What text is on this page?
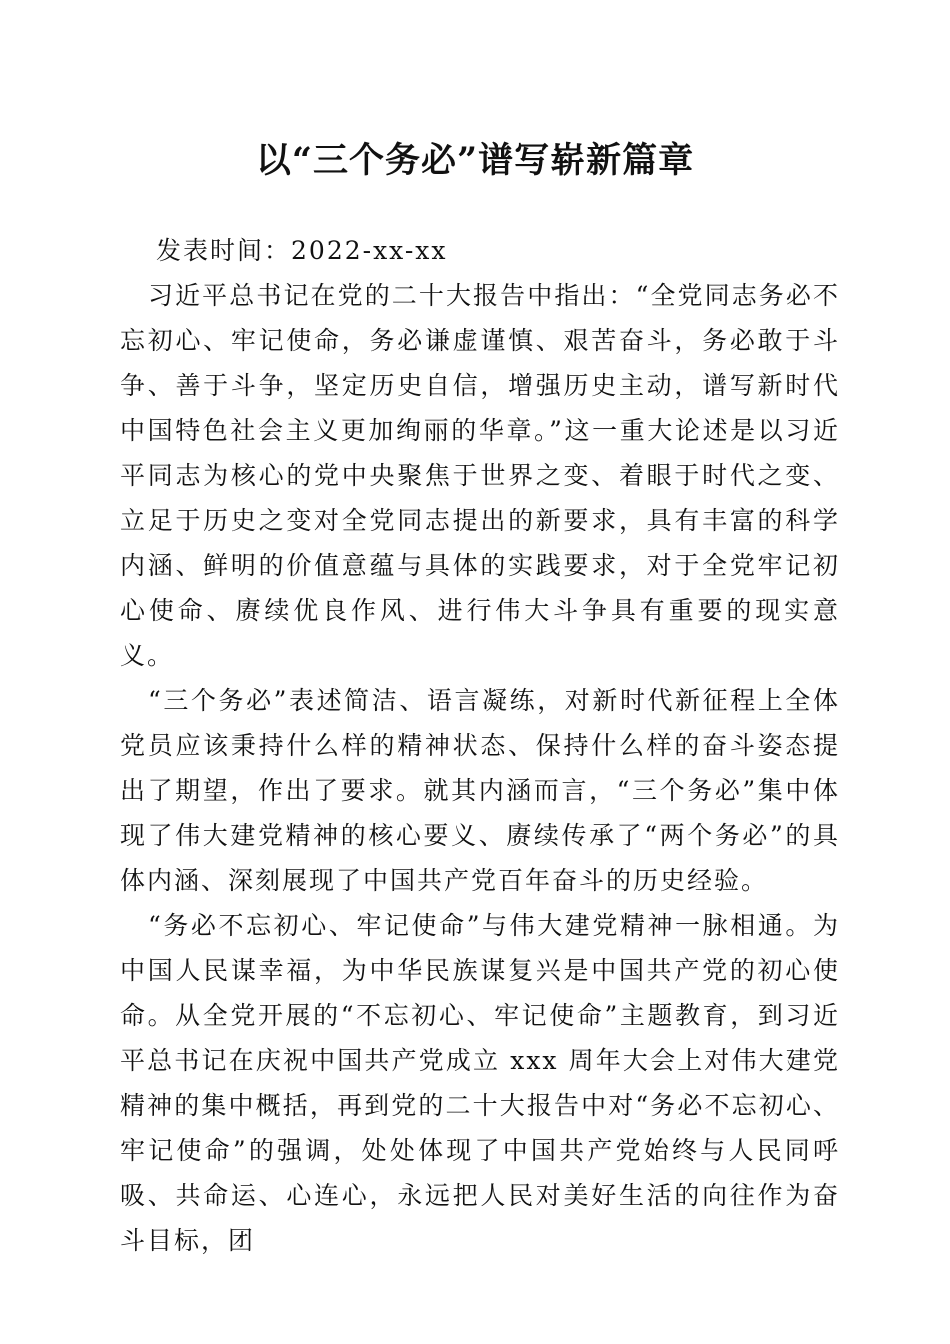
以“三个务必”谱写崭新篇章

发表时间：2022-xx-xx

习近平总书记在党的二十大报告中指出：“全党同志务必不忘初心、牢记使命，务必谦虚谨慎、艰苦奋斗，务必敢于斗争、善于斗争，坚定历史自信，增强历史主动，谱写新时代中国特色社会主义更加绚丽的华章。”这一重大论述是以习近平同志为核心的党中央聚焦于世界之变、着眼于时代之变、立足于历史之变对全党同志提出的新要求，具有丰富的科学内涵、鲜明的价值意蕴与具体的实践要求，对于全党牢记初心使命、赓续优良作风、进行伟大斗争具有重要的现实意义。

“三个务必”表述简洁、语言凝练，对新时代新征程上全体党员应该秉持什么样的精神状态、保持什么样的奋斗姿态提出了期望，作出了要求。就其内涵而言，“三个务必”集中体现了伟大建党精神的核心要义、赓续传承了“两个务必”的具体内涵、深刻展现了中国共产党百年奋斗的历史经验。

“务必不忘初心、牢记使命”与伟大建党精神一脉相通。为中国人民谋幸福，为中华民族谋复兴是中国共产党的初心使命。从全党开展的“不忘初心、牢记使命”主题教育，到习近平总书记在庆祝中国共产党成立 xxx 周年大会上对伟大建党精神的集中概括，再到党的二十大报告中对“务必不忘初心、牢记使命”的强调，处处体现了中国共产党始终与人民同呼吸、共命运、心连心，永远把人民对美好生活的向往作为奋斗目标，团
